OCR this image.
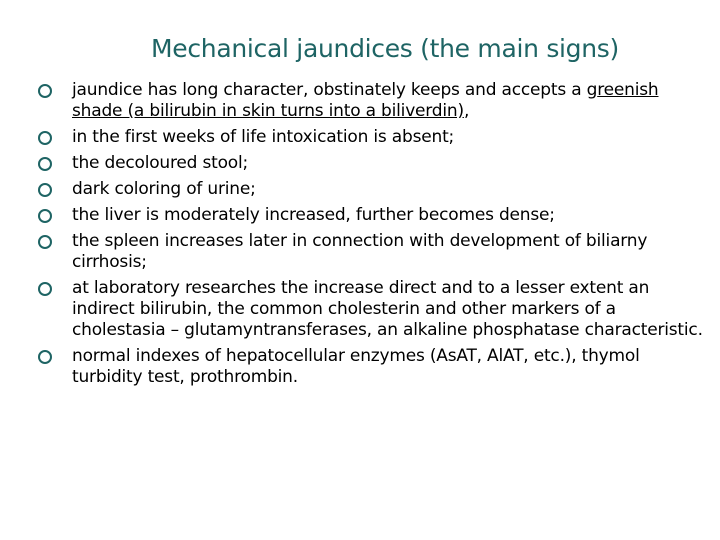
Mechanical jaundices (the main signs)
jaundice has long character, obstinately keeps and accepts a greenish shade (a bilirubin in skin turns into a biliverdin),
in the first weeks of life intoxication is absent;
the decoloured stool;
dark coloring of urine;
the liver is moderately increased, further becomes dense;
the spleen increases later in connection with development of biliarny cirrhosis;
at laboratory researches the increase direct and to a lesser extent an indirect bilirubin, the common cholesterin and other markers of a cholestasia – glutamyntransferases, an alkaline phosphatase characteristic.
normal indexes of hepatocellular enzymes (AsAT, AlAT, etc.), thymol turbidity test, prothrombin.
